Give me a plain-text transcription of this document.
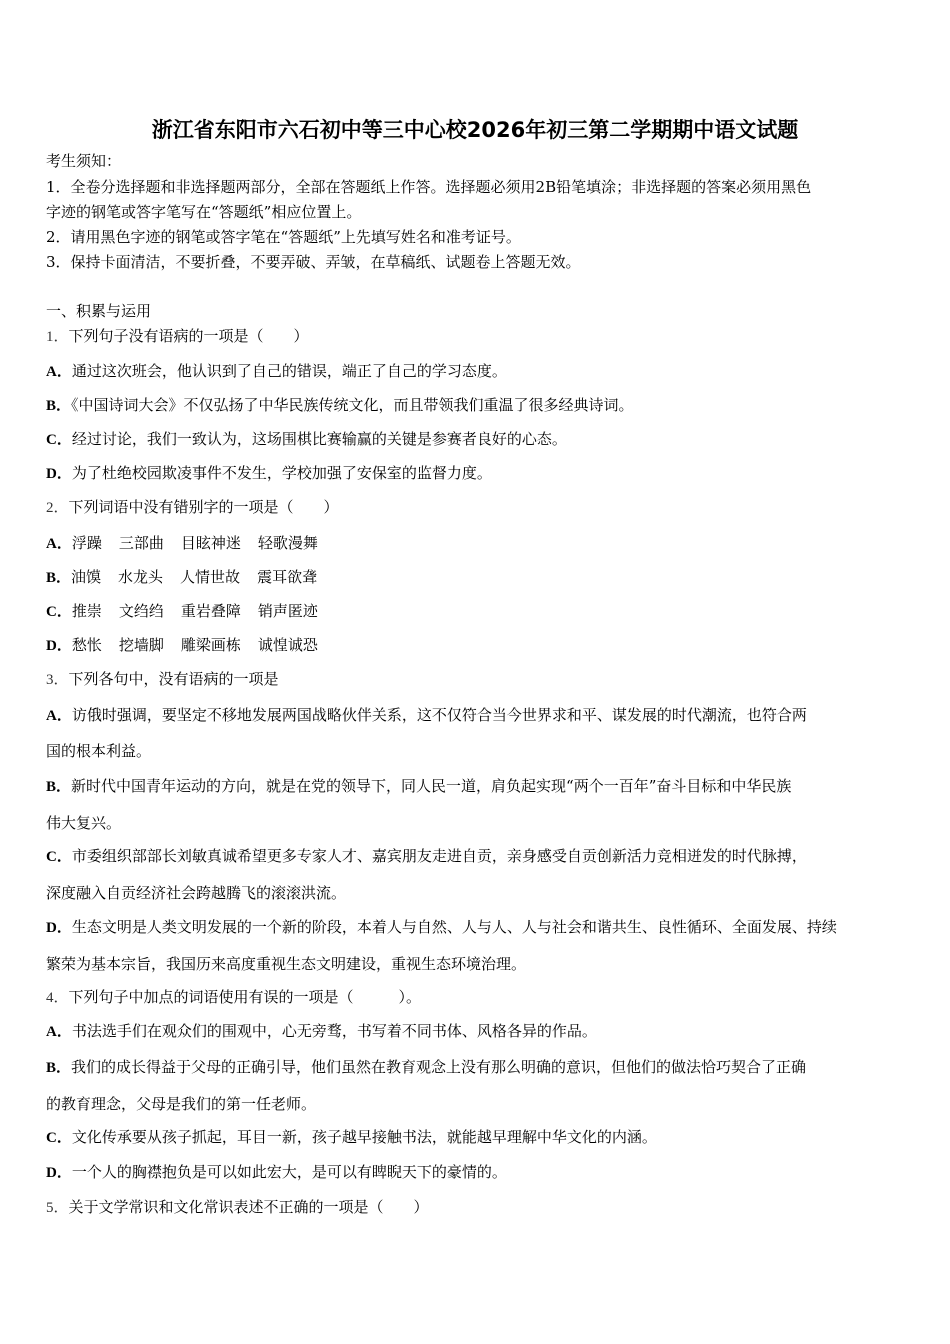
浙江省东阳市六石初中等三中心校2026年初三第二学期期中语文试题
考生须知：
1．全卷分选择题和非选择题两部分，全部在答题纸上作答。选择题必须用2B铅笔填涂；非选择题的答案必须用黑色
字迹的钢笔或答字笔写在“答题纸”相应位置上。
2．请用黑色字迹的钢笔或答字笔在“答题纸”上先填写姓名和准考证号。
3．保持卡面清洁，不要折叠，不要弄破、弄皱，在草稿纸、试题卷上答题无效。
一、积累与运用
1．下列句子没有语病的一项是（　　）
A．通过这次班会，他认识到了自己的错误，端正了自己的学习态度。
B．《中国诗词大会》不仅弘扬了中华民族传统文化，而且带领我们重温了很多经典诗词。
C．经过讨论，我们一致认为，这场围棋比赛输赢的关键是参赛者良好的心态。
D．为了杜绝校园欺凌事件不发生，学校加强了安保室的监督力度。
2．下列词语中没有错别字的一项是（　　）
A．浮躁 三部曲 目眩神迷 轻歌漫舞
B．油馍 水龙头 人情世故 震耳欲聋
C．推崇 文绉绉 重岩叠障 销声匿迹
D．愁怅 挖墙脚 雕梁画栋 诚惶诚恐
3．下列各句中，没有语病的一项是
A．访俄时强调，要坚定不移地发展两国战略伙伴关系，这不仅符合当今世界求和平、谋发展的时代潮流，也符合两
国的根本利益。
B．新时代中国青年运动的方向，就是在党的领导下，同人民一道，肩负起实现“两个一百年”奋斗目标和中华民族
伟大复兴。
C．市委组织部部长刘敏真诚希望更多专家人才、嘉宾朋友走进自贡，亲身感受自贡创新活力竞相迸发的时代脉搏，
深度融入自贡经济社会跨越腾飞的滚滚洪流。
D．生态文明是人类文明发展的一个新的阶段，本着人与自然、人与人、人与社会和谐共生、良性循环、全面发展、持续
繁荣为基本宗旨，我国历来高度重视生态文明建设，重视生态环境治理。
4．下列句子中加点的词语使用有误的一项是（　　　）。
A．书法选手们在观众们的围观中，心无旁骛，书写着不同书体、风格各异的作品。
B．我们的成长得益于父母的正确引导，他们虽然在教育观念上没有那么明确的意识，但他们的做法恰巧契合了正确
的教育理念，父母是我们的第一任老师。
C．文化传承要从孩子抓起，耳目一新，孩子越早接触书法，就能越早理解中华文化的内涵。
D．一个人的胸襟抱负是可以如此宏大，是可以有睥睨天下的豪情的。
5．关于文学常识和文化常识表述不正确的一项是（　　）
